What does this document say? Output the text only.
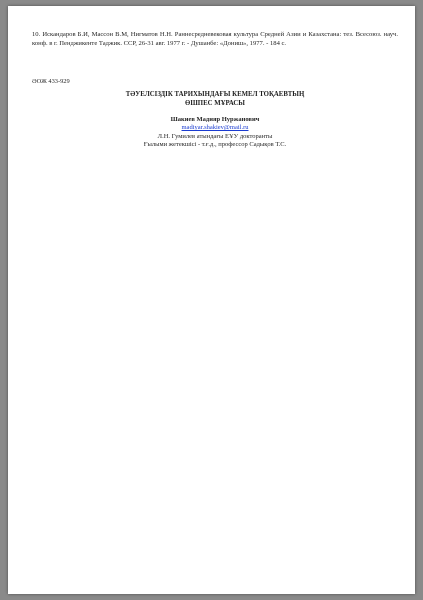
10. Искандаров Б.И, Массон В.М, Нигматов Н.Н. Раннесредневековая культура Средней Азии и Казахстана: тез. Всесоюз. науч. конф. в г. Пенджикенте Таджик. ССР, 26-31 авг. 1977 г. - Душанбе: «Дониш», 1977. - 184 с.
ӘОЖ 433-929
ТӘУЕЛСІЗДІК ТАРИХЫНДАҒЫ КЕМЕЛ ТОҚАЕВТЫҢ
ӨШПЕС МҰРАСЫ
Шакиев Мадияр Нуржанович
madiyar.shakiev@mail.ru
Л.Н. Гумилев атындағы ЕҰУ докторанты
Ғылыми жетекшісі - т.ғ.д., профессор Садықов Т.С.
